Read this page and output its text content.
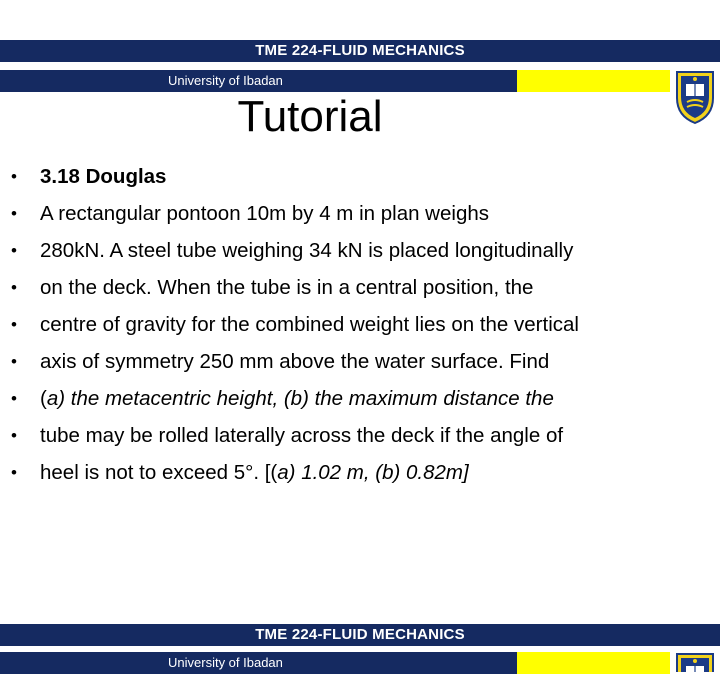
TME 224-FLUID MECHANICS
University of Ibadan
Tutorial
• 3.18 Douglas
• A rectangular pontoon 10m by 4 m in plan weighs
• 280kN. A steel tube weighing 34 kN is placed longitudinally
• on the deck. When the tube is in a central position, the
• centre of gravity for the combined weight lies on the vertical
• axis of symmetry 250 mm above the water surface. Find
• (a) the metacentric height, (b) the maximum distance the
• tube may be rolled laterally across the deck if the angle of
• heel is not to exceed 5°. [(a) 1.02 m, (b) 0.82m]
TME 224-FLUID MECHANICS
University of Ibadan
